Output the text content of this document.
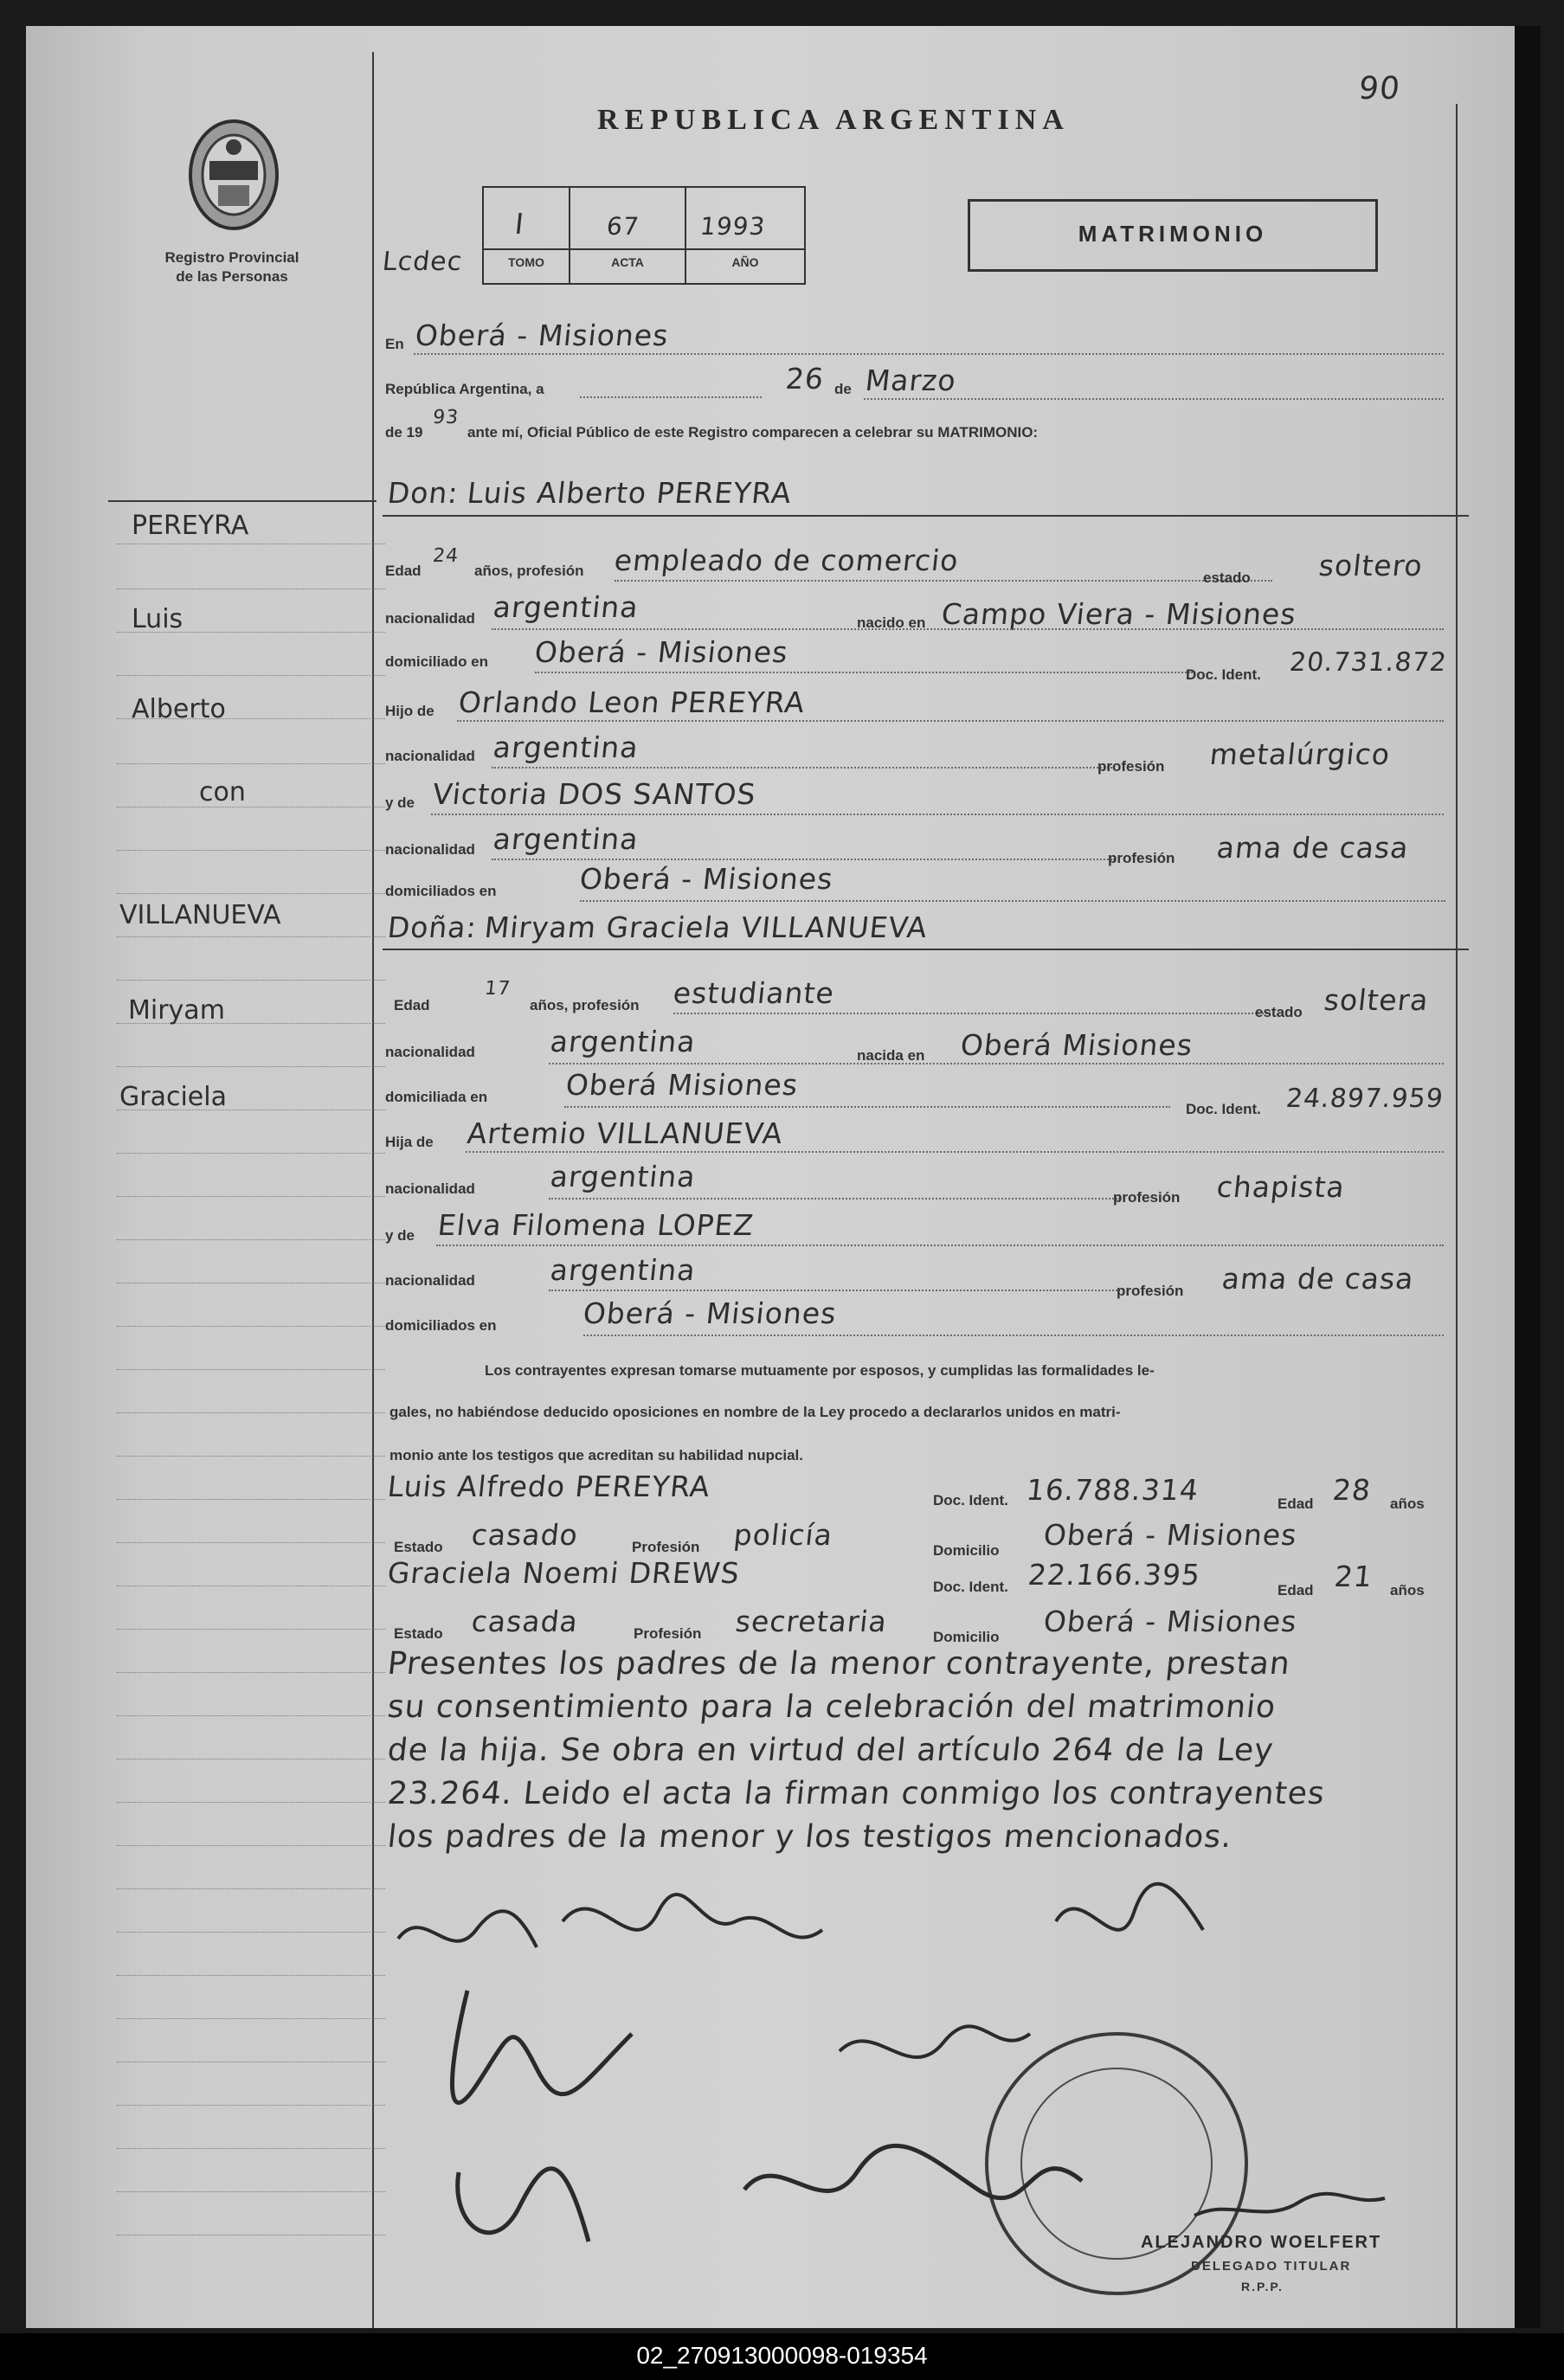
Registro Provincial
de las Personas
90
REPUBLICA ARGENTINA
Lcdec
I	67 1993
TOMO	ACTA	AÑO
MATRIMONIO
PEREYRA
Luis
Alberto
con
VILLANUEVA
Miryam
Graciela
En Oberá - Misiones
República Argentina, a	26 de Marzo
de 19
93
ante mí, Oficial Público de este Registro comparecen a celebrar su MATRIMONIO:
Don: Luis Alberto PEREYRA
Edad
24
años, profesión empleado de comercio
estado soltero
nacionalidad argentina	nacido en Campo Viera - Misiones
domiciliado en Oberá - Misiones
Doc. Ident. 20.731.872
Hijo de Orlando Leon PEREYRA
nacionalidad argentina
profesión metalúrgico
y de Victoria DOS SANTOS
nacionalidad argentina
profesión ama de casa
domiciliados en	Oberá - Misiones
Doña: Miryam Graciela VILLANUEVA
Edad
17
años, profesión estudiante
estado soltera
nacionalidad	argentina	nacida en Oberá Misiones
domiciliada en	Oberá Misiones
Doc. Ident. 24.897.959
Hija de Artemio VILLANUEVA
nacionalidad	argentina
profesión chapista
y de Elva Filomena LOPEZ
nacionalidad	argentina
profesión ama de casa
domiciliados en	Oberá - Misiones
Los contrayentes expresan tomarse mutuamente por esposos, y cumplidas las formalidades le-
gales, no habiéndose deducido oposiciones en nombre de la Ley procedo a declararlos unidos en matri-
monio ante los testigos que acreditan su habilidad nupcial.
Luis Alfredo PEREYRA	Doc. Ident. 16.788.314	Edad 28 años
Estado casado	Profesión policía	Domicilio Oberá - Misiones
Graciela Noemi DREWS	Doc. Ident. 22.166.395	Edad 21 años
Estado casada	Profesión secretaria	Domicilio Oberá - Misiones
Presentes los padres de la menor contrayente, prestan
su consentimiento para la celebración del matrimonio
de la hija. Se obra en virtud del artículo 264 de la Ley
23.264. Leido el acta la firman conmigo los contrayentes
los padres de la menor y los testigos mencionados.
ALEJANDRO WOELFERT
DELEGADO TITULAR
R.P.P.
02_270913000098-019354
